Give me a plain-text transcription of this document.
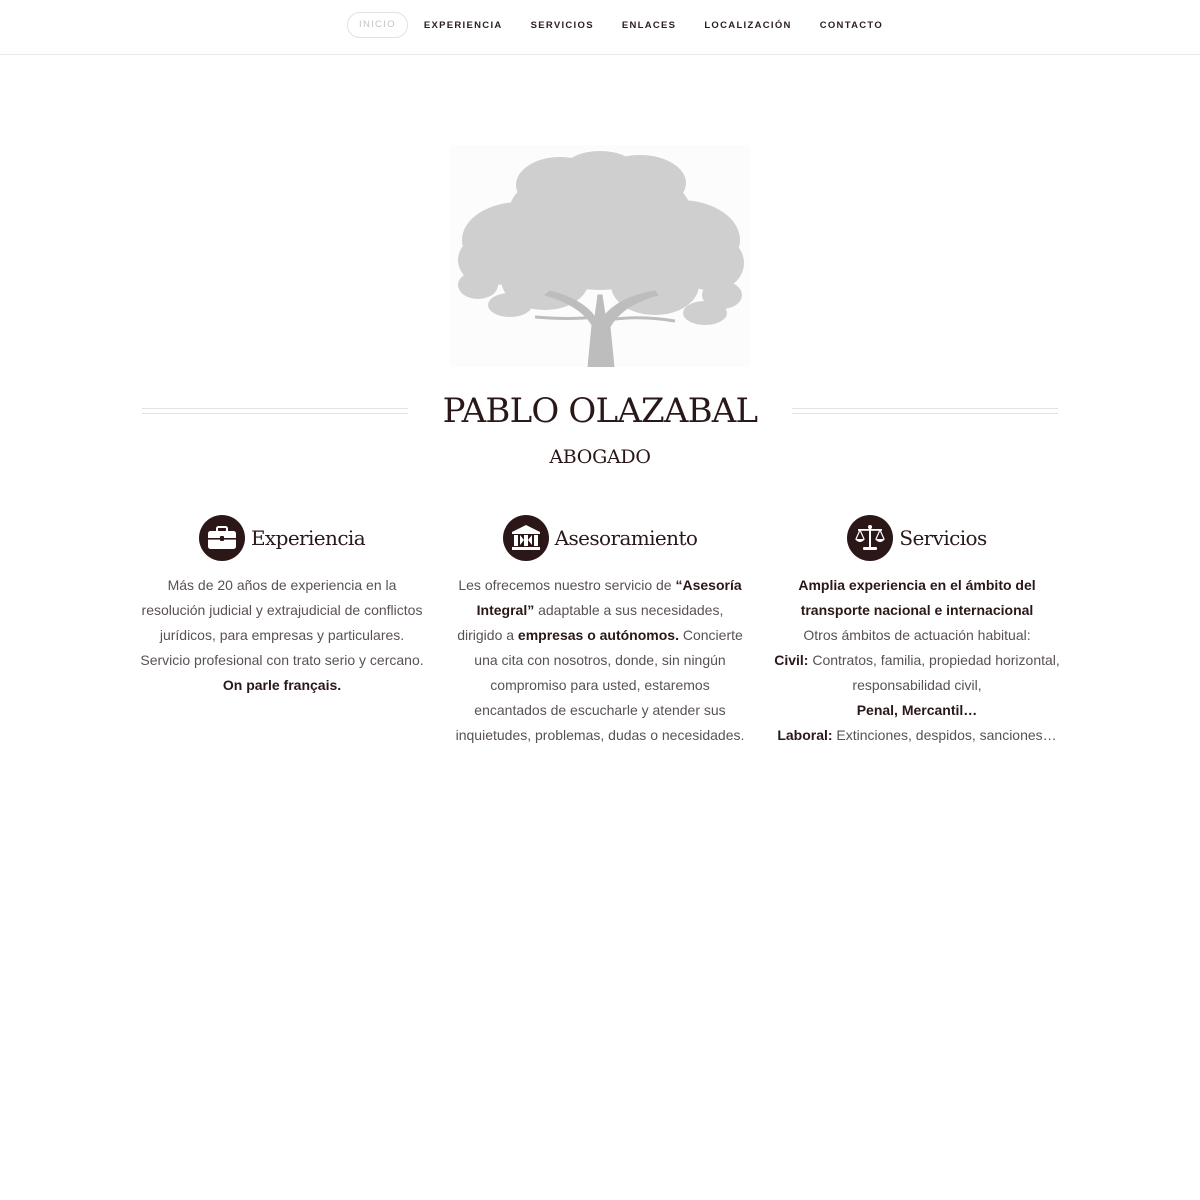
INICIO	EXPERIENCIA	SERVICIOS	ENLACES	LOCALIZACIÓN	CONTACTO
PABLO OLAZABAL
ABOGADO
Experiencia

Más de 20 años de experiencia en la resolución judicial y extrajudicial de conflictos jurídicos, para empresas y particulares.

Servicio profesional con trato serio y cercano.

On parle français.

Asesoramiento

Les ofrecemos nuestro servicio de “Asesoría Integral” adaptable a sus necesidades, dirigido a empresas o autónomos. Concierte una cita con nosotros, donde, sin ningún compromiso para usted, estaremos encantados de escucharle y atender sus inquietudes, problemas, dudas o necesidades.

Servicios

Amplia experiencia en el ámbito del transporte nacional e internacional

Otros ámbitos de actuación habitual:

Civil: Contratos, familia, propiedad horizontal, responsabilidad civil,

Penal, Mercantil…

Laboral: Extinciones, despidos, sanciones…
